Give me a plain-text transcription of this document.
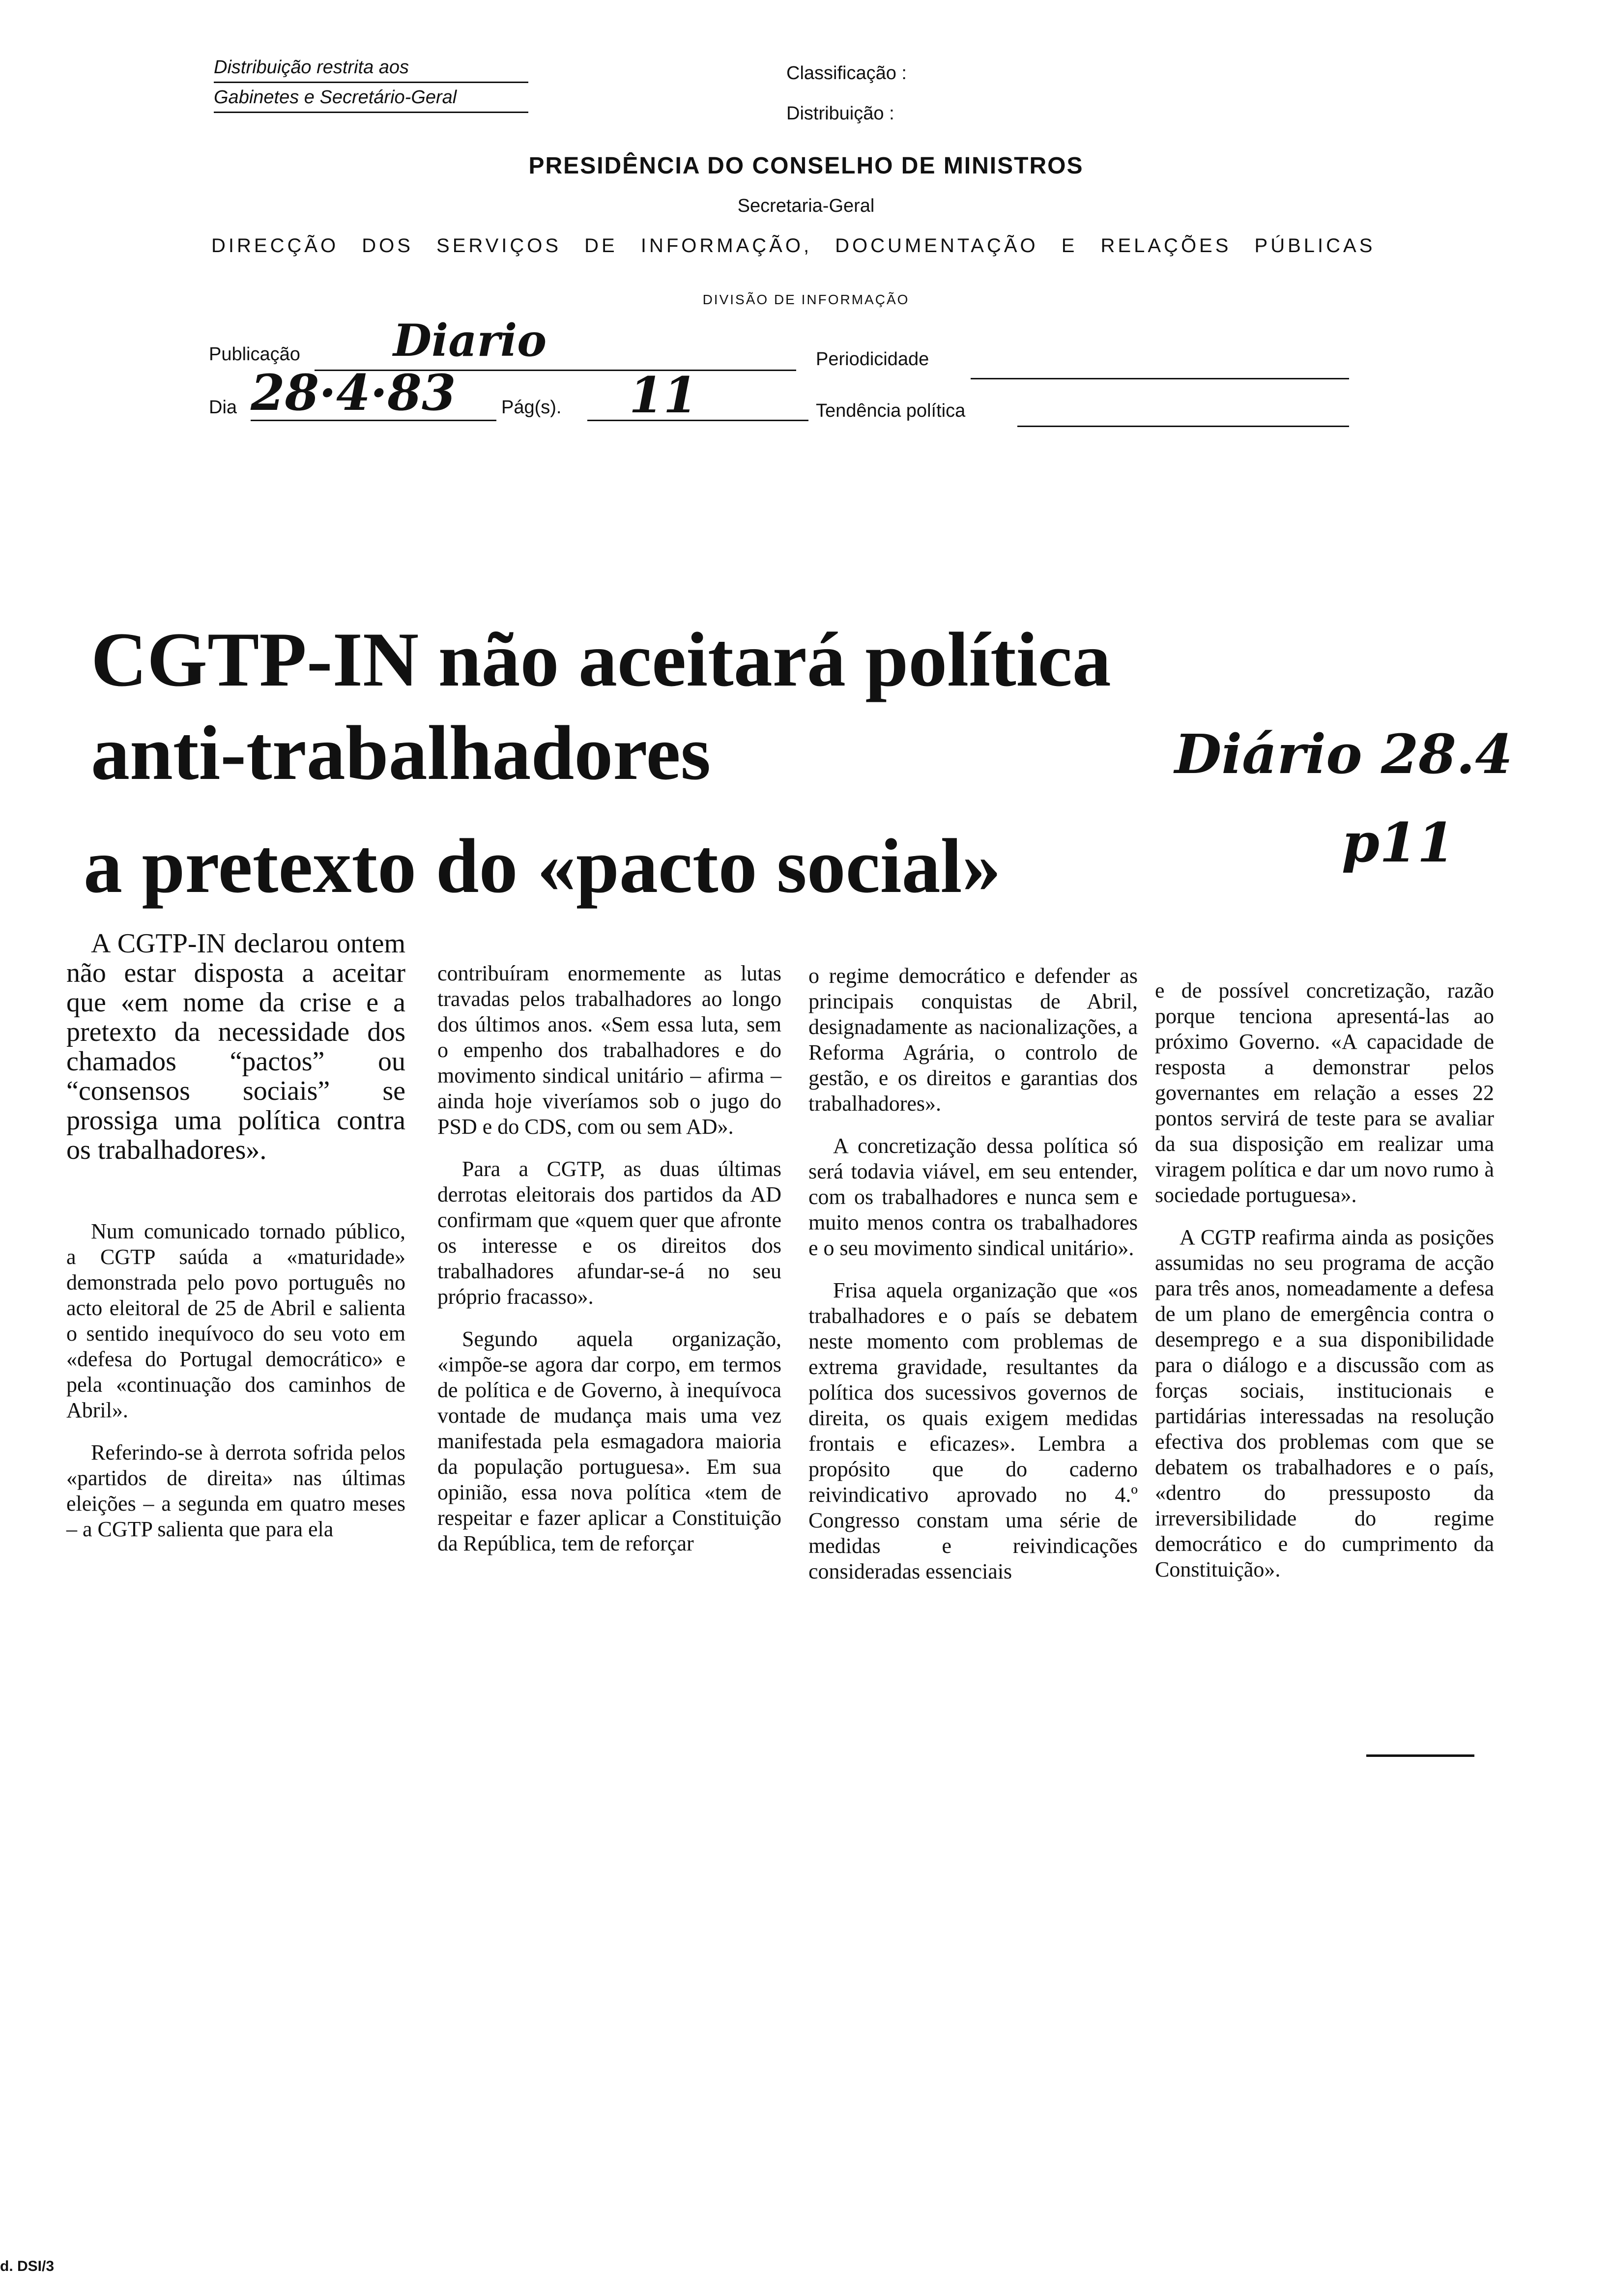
Distribuição restrita aos
Gabinetes e Secretário-Geral
Classificação :
Distribuição :
PRESIDÊNCIA DO CONSELHO DE MINISTROS
Secretaria-Geral
DIRECÇÃO DOS SERVIÇOS DE INFORMAÇÃO, DOCUMENTAÇÃO E RELAÇÕES PÚBLICAS
DIVISÃO DE INFORMAÇÃO
Publicação Diario	Periodicidade
Dia 28·4·83 Pág(s). 11	Tendência política
CGTP-IN não aceitará política
anti-trabalhadores
a pretexto do «pacto social»
Diário 28.4
p11

A CGTP-IN declarou ontem não estar disposta a aceitar que «em nome da crise e a pretexto da necessidade dos chamados “pactos” ou “consensos sociais” se prossiga uma política contra os trabalhadores».

Num comunicado tornado público, a CGTP saúda a «maturidade» demonstrada pelo povo português no acto eleitoral de 25 de Abril e salienta o sentido inequívoco do seu voto em «defesa do Portugal democrático» e pela «continuação dos caminhos de Abril».

Referindo-se à derrota sofrida pelos «partidos de direita» nas últimas eleições – a segunda em quatro meses – a CGTP salienta que para ela

contribuíram enormemente as lutas travadas pelos trabalhadores ao longo dos últimos anos. «Sem essa luta, sem o empenho dos trabalhadores e do movimento sindical unitário – afirma – ainda hoje viveríamos sob o jugo do PSD e do CDS, com ou sem AD».

Para a CGTP, as duas últimas derrotas eleitorais dos partidos da AD confirmam que «quem quer que afronte os interesse e os direitos dos trabalhadores afundar-se-á no seu próprio fracasso».

Segundo aquela organização, «impõe-se agora dar corpo, em termos de política e de Governo, à inequívoca vontade de mudança mais uma vez manifestada pela esmagadora maioria da população portuguesa». Em sua opinião, essa nova política «tem de respeitar e fazer aplicar a Constituição da República, tem de reforçar

o regime democrático e defender as principais conquistas de Abril, designadamente as nacionalizações, a Reforma Agrária, o controlo de gestão, e os direitos e garantias dos trabalhadores».

A concretização dessa política só será todavia viável, em seu entender, com os trabalhadores e nunca sem e muito menos contra os trabalhadores e o seu movimento sindical unitário».

Frisa aquela organização que «os trabalhadores e o país se debatem neste momento com problemas de extrema gravidade, resultantes da política dos sucessivos governos de direita, os quais exigem medidas frontais e eficazes». Lembra a propósito que do caderno reivindicativo aprovado no 4.º Congresso constam uma série de medidas e reivindicações consideradas essenciais

e de possível concretização, razão porque tenciona apresentá-las ao próximo Governo. «A capacidade de resposta a demonstrar pelos governantes em relação a esses 22 pontos servirá de teste para se avaliar da sua disposição em realizar uma viragem política e dar um novo rumo à sociedade portuguesa».

A CGTP reafirma ainda as posições assumidas no seu programa de acção para três anos, nomeadamente a defesa de um plano de emergência contra o desemprego e a sua disponibilidade para o diálogo e a discussão com as forças sociais, institucionais e partidárias interessadas na resolução efectiva dos problemas com que se debatem os trabalhadores e o país, «dentro do pressuposto da irreversibilidade do regime democrático e do cumprimento da Constituição».

d. DSI/3
